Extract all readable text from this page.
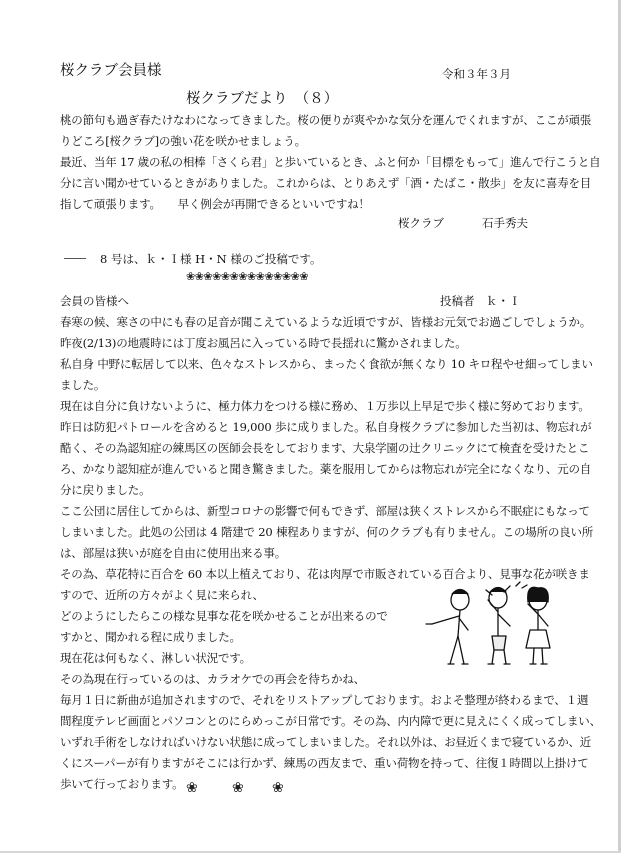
桜クラブ会員様	令和３年３月
桜クラブだより　（８）
桃の節句も過ぎ春たけなわになってきました。桜の便りが爽やかな気分を運んでくれますが、ここが頑張
りどころ[桜クラブ]の強い花を咲かせましょう。
最近、当年 17 歳の私の相棒「さくら君」と歩いているとき、ふと何か「目標をもって」進んで行こうと自
分に言い聞かせているときがありました。これからは、とりあえず「酒・たばこ・散歩」を友に喜寿を目
指して頑張ります。　　早く例会が再開できるといいですね！
桜クラブ	石手秀夫
8 号は、ｋ・Ｉ様 H・N 様のご投稿です。
❀❀❀❀❀❀❀❀❀❀❀❀❀❀
会員の皆様へ	投稿者　ｋ・Ｉ
春寒の候、寒さの中にも春の足音が聞こえているような近頃ですが、皆様お元気でお過ごしでしょうか。
昨夜(2/13)の地震時には丁度お風呂に入っている時で長揺れに驚かされました。
私自身 中野に転居して以来、色々なストレスから、まったく食欲が無くなり 10 キロ程やせ細ってしまい
ました。
現在は自分に負けないように、極力体力をつける様に務め、１万歩以上早足で歩く様に努めております。
昨日は防犯パトロールを含めると 19,000 歩に成りました。私自身桜クラブに参加した当初は、物忘れが
酷く、その為認知症の練馬区の医師会長をしております、大泉学園の辻クリニックにて検査を受けたとこ
ろ、かなり認知症が進んでいると聞き驚きました。薬を服用してからは物忘れが完全になくなり、元の自
分に戻りました。
ここ公団に居住してからは、新型コロナの影響で何もできず、部屋は狭くストレスから不眠症にもなって
しまいました。此処の公団は 4 階建で 20 棟程ありますが、何のクラブも有りません。この場所の良い所
は、部屋は狭いが庭を自由に使用出来る事。
その為、草花特に百合を 60 本以上植えており、花は肉厚で市販されている百合より、見事な花が咲きま
すので、近所の方々がよく見に来られ、
どのようにしたらこの様な見事な花を咲かせることが出来るので
すかと、聞かれる程に成りました。
現在花は何もなく、淋しい状況です。
その為現在行っているのは、カラオケでの再会を待ちかね、
毎月１日に新曲が追加されますので、それをリストアップしております。およそ整理が終わるまで、１週
間程度テレビ画面とパソコンとのにらめっこが日常です。その為、内内障で更に見えにくく成ってしまい、
いずれ手術をしなければいけない状態に成ってしまいました。それ以外は、お昼近くまで寝ているか、近
くにスーパーが有りますがそこには行かず、練馬の西友まで、重い荷物を持って、往復１時間以上掛けて
歩いて行っております。
˙	❀ ❀ ❀
